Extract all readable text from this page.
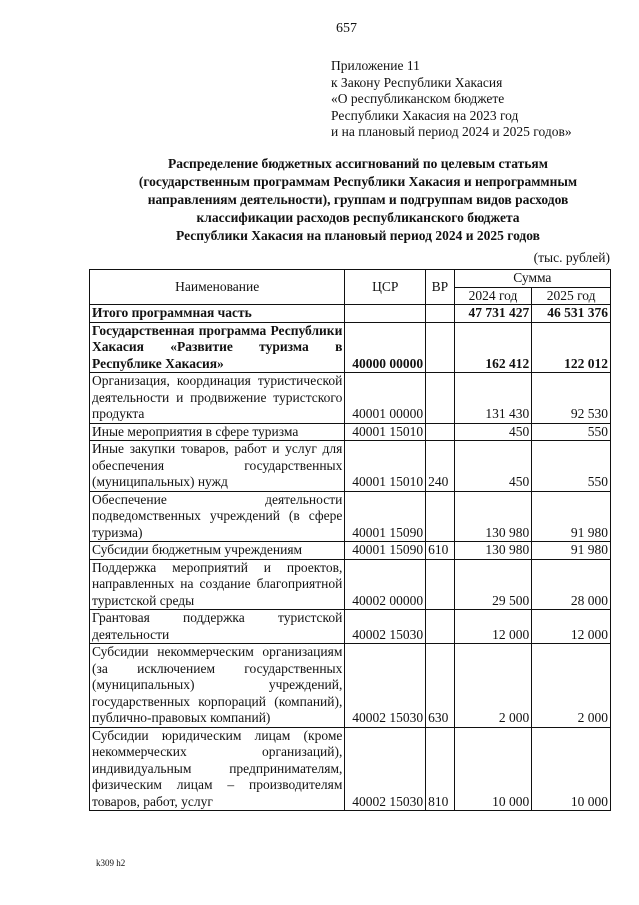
657
Приложение 11
к Закону Республики Хакасия
«О республиканском бюджете
Республики Хакасия на 2023 год
и на плановый период 2024 и 2025 годов»
Распределение бюджетных ассигнований по целевым статьям
(государственным программам Республики Хакасия и непрограммным
направлениям деятельности), группам и подгруппам видов расходов
классификации расходов республиканского бюджета
Республики Хакасия на плановый период 2024 и 2025 годов
(тыс. рублей)
Наименование	ЦСР	ВР	Сумма	
			2024 год	2025 год
Итого программная часть			47 731 427	46 531 376
Государственная программа Республики Хакасия «Развитие туризма в Республике Хакасия»	40000 00000		162 412	122 012
Организация, координация туристической деятельности и продвижение туристского продукта	40001 00000		131 430	92 530
Иные мероприятия в сфере туризма	40001 15010		450	550
Иные закупки товаров, работ и услуг для обеспечения государственных (муниципальных) нужд	40001 15010	240	450	550
Обеспечение деятельности подведомственных учреждений (в сфере туризма)	40001 15090		130 980	91 980
Субсидии бюджетным учреждениям	40001 15090	610	130 980	91 980
Поддержка мероприятий и проектов, направленных на создание благоприятной туристской среды	40002 00000		29 500	28 000
Грантовая поддержка туристской деятельности	40002 15030		12 000	12 000
Субсидии некоммерческим организациям (за исключением государственных (муниципальных) учреждений, государственных корпораций (компаний), публично-правовых компаний)	40002 15030	630	2 000	2 000
Субсидии юридическим лицам (кроме некоммерческих организаций), индивидуальным предпринимателям, физическим лицам – производителям товаров, работ, услуг	40002 15030	810	10 000	10 000
k309 h2
